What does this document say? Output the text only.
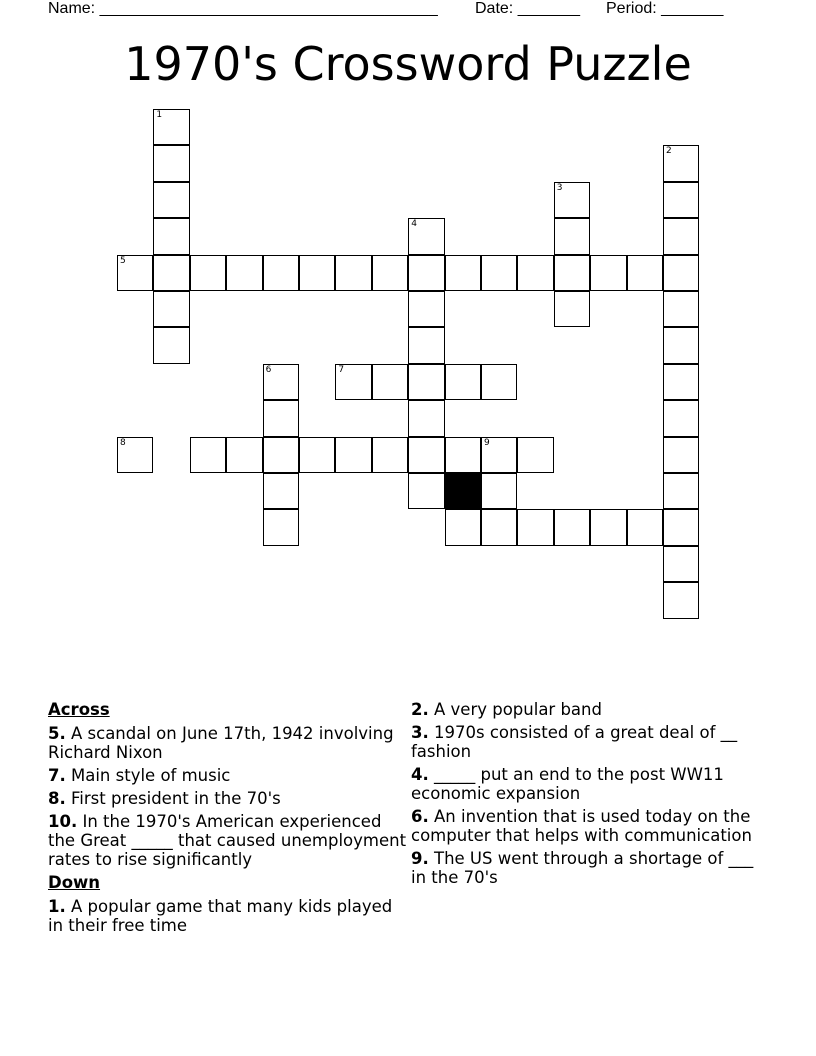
Name: ______________________________________ Date: _______ Period: _______
1970's Crossword Puzzle
1
2
3
4
5
6	7
8	9
Across
5. A scandal on June 17th, 1942 involving Richard Nixon
7. Main style of music
8. First president in the 70's
10. In the 1970's American experienced the Great _____ that caused unemployment rates to rise significantly
Down
1. A popular game that many kids played in their free time
2. A very popular band
3. 1970s consisted of a great deal of __ fashion
4. _____ put an end to the post WW11 economic expansion
6. An invention that is used today on the computer that helps with communication
9. The US went through a shortage of ___ in the 70's
